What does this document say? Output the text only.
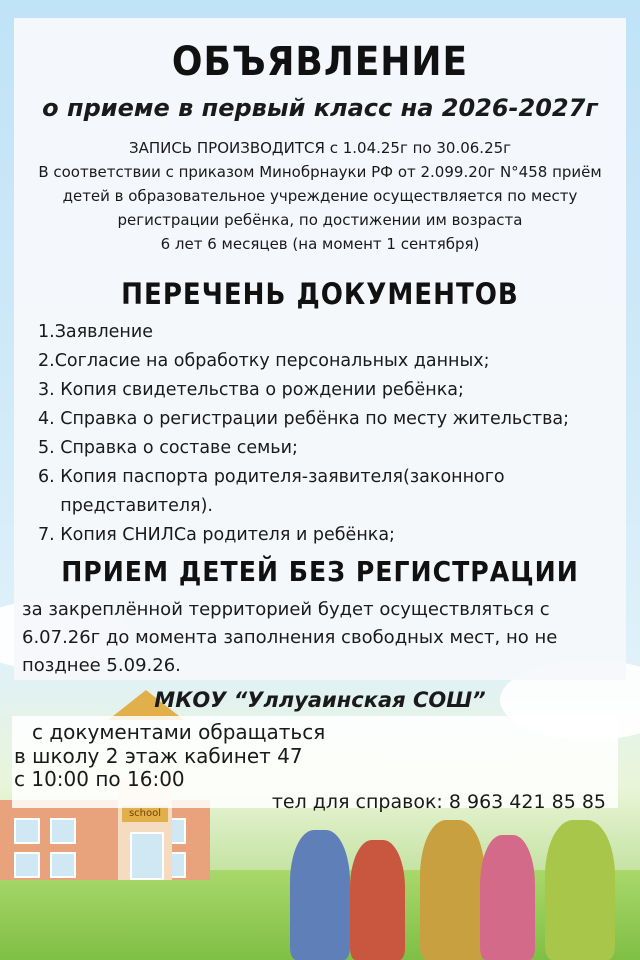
school
ОБЪЯВЛЕНИЕ
о приеме в первый класс на 2026-2027г
ЗАПИСЬ ПРОИЗВОДИТСЯ с 1.04.25г по 30.06.25г
В соответствии с приказом Минобрнауки РФ от 2.099.20г N°458 приём
детей в образовательное учреждение осуществляется по месту
регистрации ребёнка, по достижении им возраста
6 лет 6 месяцев (на момент 1 сентября)
ПЕРЕЧЕНЬ ДОКУМЕНТОВ
1.Заявление
2.Согласие на обработку персональных данных;
3. Копия свидетельства о рождении ребёнка;
4. Справка о регистрации ребёнка по месту жительства;
5. Справка о составе семьи;
6. Копия паспорта родителя-заявителя(законного
представителя).
7. Копия СНИЛСа родителя и ребёнка;
ПРИЕМ ДЕТЕЙ БЕЗ РЕГИСТРАЦИИ
за закреплённой территорией будет осуществляться с
6.07.26г до момента заполнения свободных мест, но не
позднее 5.09.26.
МКОУ “Уллуаинская СОШ”
с документами обращаться
в школу 2 этаж кабинет 47
с 10:00 по 16:00
тел для справок: 8 963 421 85 85
